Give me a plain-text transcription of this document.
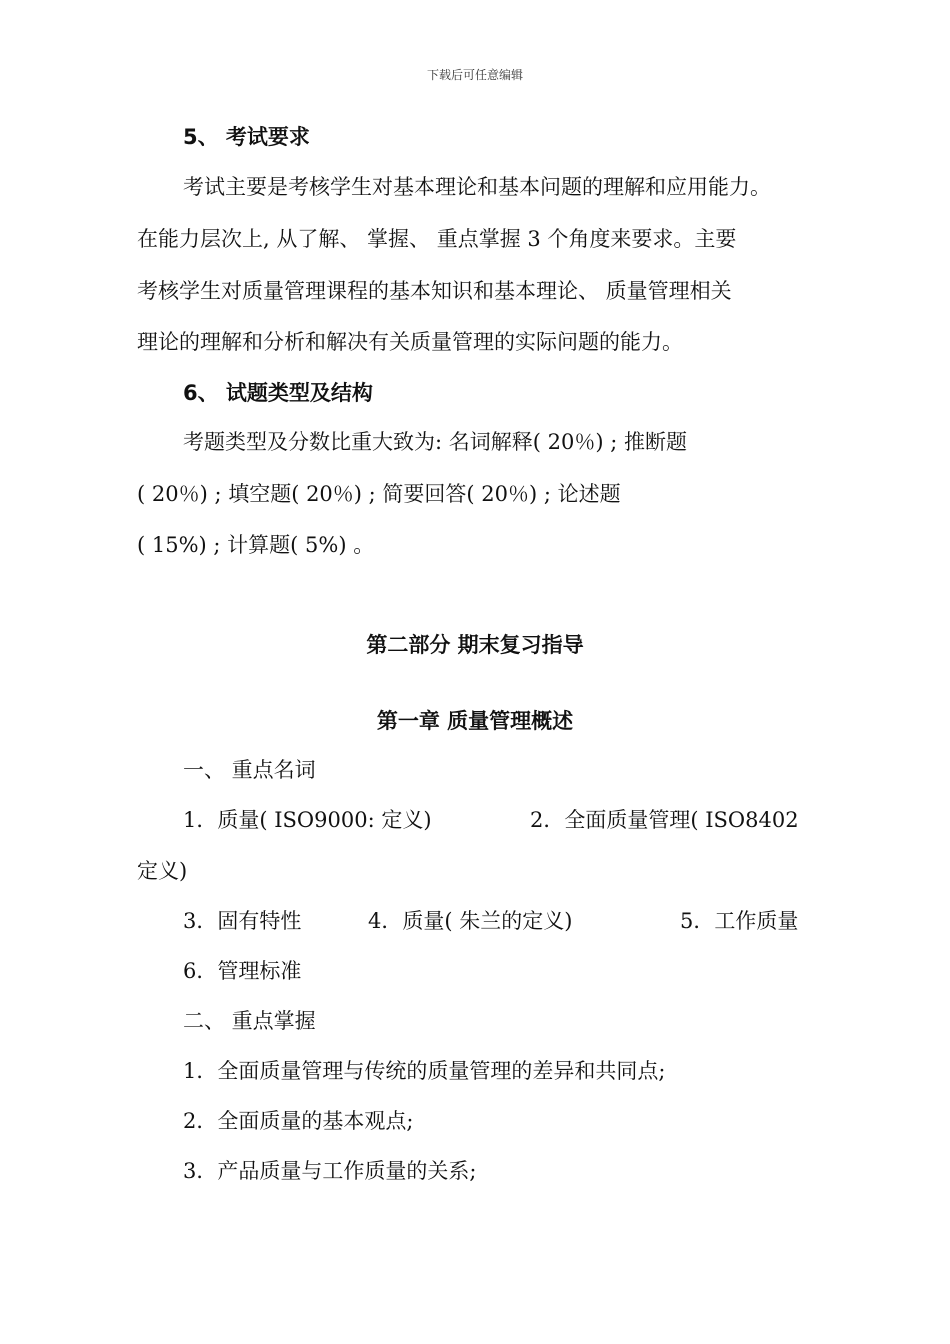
下载后可任意编辑
5、 考试要求
考试主要是考核学生对基本理论和基本问题的理解和应用能力。
在能力层次上, 从了解、 掌握、 重点掌握 3 个角度来要求。主要
考核学生对质量管理课程的基本知识和基本理论、 质量管理相关
理论的理解和分析和解决有关质量管理的实际问题的能力。
6、 试题类型及结构
考题类型及分数比重大致为: 名词解释( 20％) ; 推断题
( 20％) ; 填空题( 20％) ; 简要回答( 20％) ; 论述题
( 15%) ; 计算题( 5%) 。
第二部分 期末复习指导
第一章 质量管理概述
一、 重点名词
1．质量( ISO9000: 定义)	2．全面质量管理( ISO8402
定义)
3．固有特性	4．质量( 朱兰的定义)	5．工作质量
6．管理标准
二、 重点掌握
1．全面质量管理与传统的质量管理的差异和共同点;
2．全面质量的基本观点;
3．产品质量与工作质量的关系;
